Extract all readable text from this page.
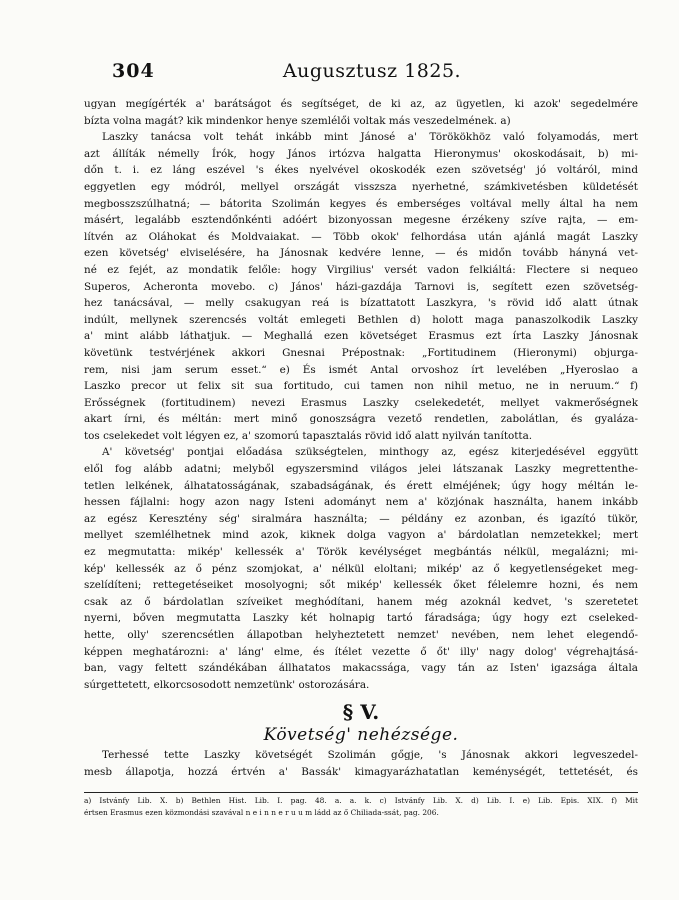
304	Augusztusz 1825.
ugyan megígérték a' barátságot és segítséget, de ki az, az ügyetlen, ki azok' segedelmére
bízta volna magát? kik mindenkor henye szemlélői voltak más veszedelmének. a)
Laszky tanácsa volt tehát inkább mint Jánosé a' Törökökhöz való folyamodás, mert
azt állíták némelly Írók, hogy János irtózva halgatta Hieronymus' okoskodásait, b) mi-
dőn t. i. ez láng eszével 's ékes nyelvével okoskodék ezen szövetség' jó voltáról, mind
eggyetlen egy módról, mellyel országát visszsza nyerhetné, számkivetésben küldetését
megbosszszúlhatná; — bátorita Szolimán kegyes és emberséges voltával melly által ha nem
másért, legalább esztendőnkénti adóért bizonyossan megesne érzékeny szíve rajta, — em-
lítvén az Oláhokat és Moldvaiakat. — Több okok' felhordása után ajánlá magát Laszky
ezen követség' elviselésére, ha Jánosnak kedvére lenne, — és midőn tovább hányná vet-
né ez fejét, az mondatik felőle: hogy Virgilius' versét vadon felkiáltá: Flectere si nequeo
Superos, Acheronta movebo. c) János' házi-gazdája Tarnovi is, segített ezen szövetség-
hez tanácsával, — melly csakugyan reá is bízattatott Laszkyra, 's rövid idő alatt útnak
indúlt, mellynek szerencsés voltát emlegeti Bethlen d) holott maga panaszolkodik Laszky
a' mint alább láthatjuk. — Meghallá ezen követséget Erasmus ezt írta Laszky Jánosnak
követünk testvérjének akkori Gnesnai Prépostnak: „Fortitudinem (Hieronymi) objurga-
rem, nisi jam serum esset.“ e) És ismét Antal orvoshoz írt levelében „Hyeroslao a
Laszko precor ut felix sit sua fortitudo, cui tamen non nihil metuo, ne in neruum.“ f)
Erősségnek (fortitudinem) nevezi Erasmus Laszky cselekedetét, mellyet vakmerőségnek
akart írni, és méltán: mert minő gonoszságra vezető rendetlen, zabolátlan, és gyaláza-
tos cselekedet volt légyen ez, a' szomorú tapasztalás rövid idő alatt nyilván tanította.
A' követség' pontjai előadása szükségtelen, minthogy az, egész kiterjedésével eggyütt
elől fog alább adatni; melyből egyszersmind világos jelei látszanak Laszky megrettenthe-
tetlen lelkének, álhatatosságának, szabadságának, és érett elméjének; úgy hogy méltán le-
hessen fájlalni: hogy azon nagy Isteni adományt nem a' közjónak használta, hanem inkább
az egész Keresztény ség' siralmára használta; — példány ez azonban, és igazító tükör,
mellyet szemlélhetnek mind azok, kiknek dolga vagyon a' bárdolatlan nemzetekkel; mert
ez megmutatta: mikép' kellessék a' Török kevélységet megbántás nélkül, megalázni; mi-
kép' kellessék az ő pénz szomjokat, a' nélkül eloltani; mikép' az ő kegyetlenségeket meg-
szelídíteni; rettegetéseiket mosolyogni; sőt mikép' kellessék őket félelemre hozni, és nem
csak az ő bárdolatlan szíveiket meghódítani, hanem még azoknál kedvet, 's szeretetet
nyerni, bőven megmutatta Laszky két holnapig tartó fáradsága; úgy hogy ezt cseleked-
hette, olly' szerencsétlen állapotban helyheztetett nemzet' nevében, nem lehet elegendő-
képpen meghatározni: a' láng' elme, és ítélet vezette ő őt' illy' nagy dolog' végrehajtásá-
ban, vagy feltett szándékában állhatatos makacssága, vagy tán az Isten' igazsága általa
súrgettetett, elkorcsosodott nemzetünk' ostorozására.
§ V.
Követség' nehézsége.
Terhessé tette Laszky követségét Szolimán gőgje, 's Jánosnak akkori legveszedel-
mesb állapotja, hozzá értvén a' Bassák' kimagyarázhatatlan keménységét, tettetését, és
a) Istvánfy Lib. X. b) Bethlen Hist. Lib. I. pag. 48. a. a. k. c) Istvánfy Lib. X. d) Lib. I. e) Lib. Epis. XIX. f) Mit
értsen Erasmus ezen közmondási szavával n e i n n e r u u m ládd az ő Chiliada-ssát, pag. 206.
